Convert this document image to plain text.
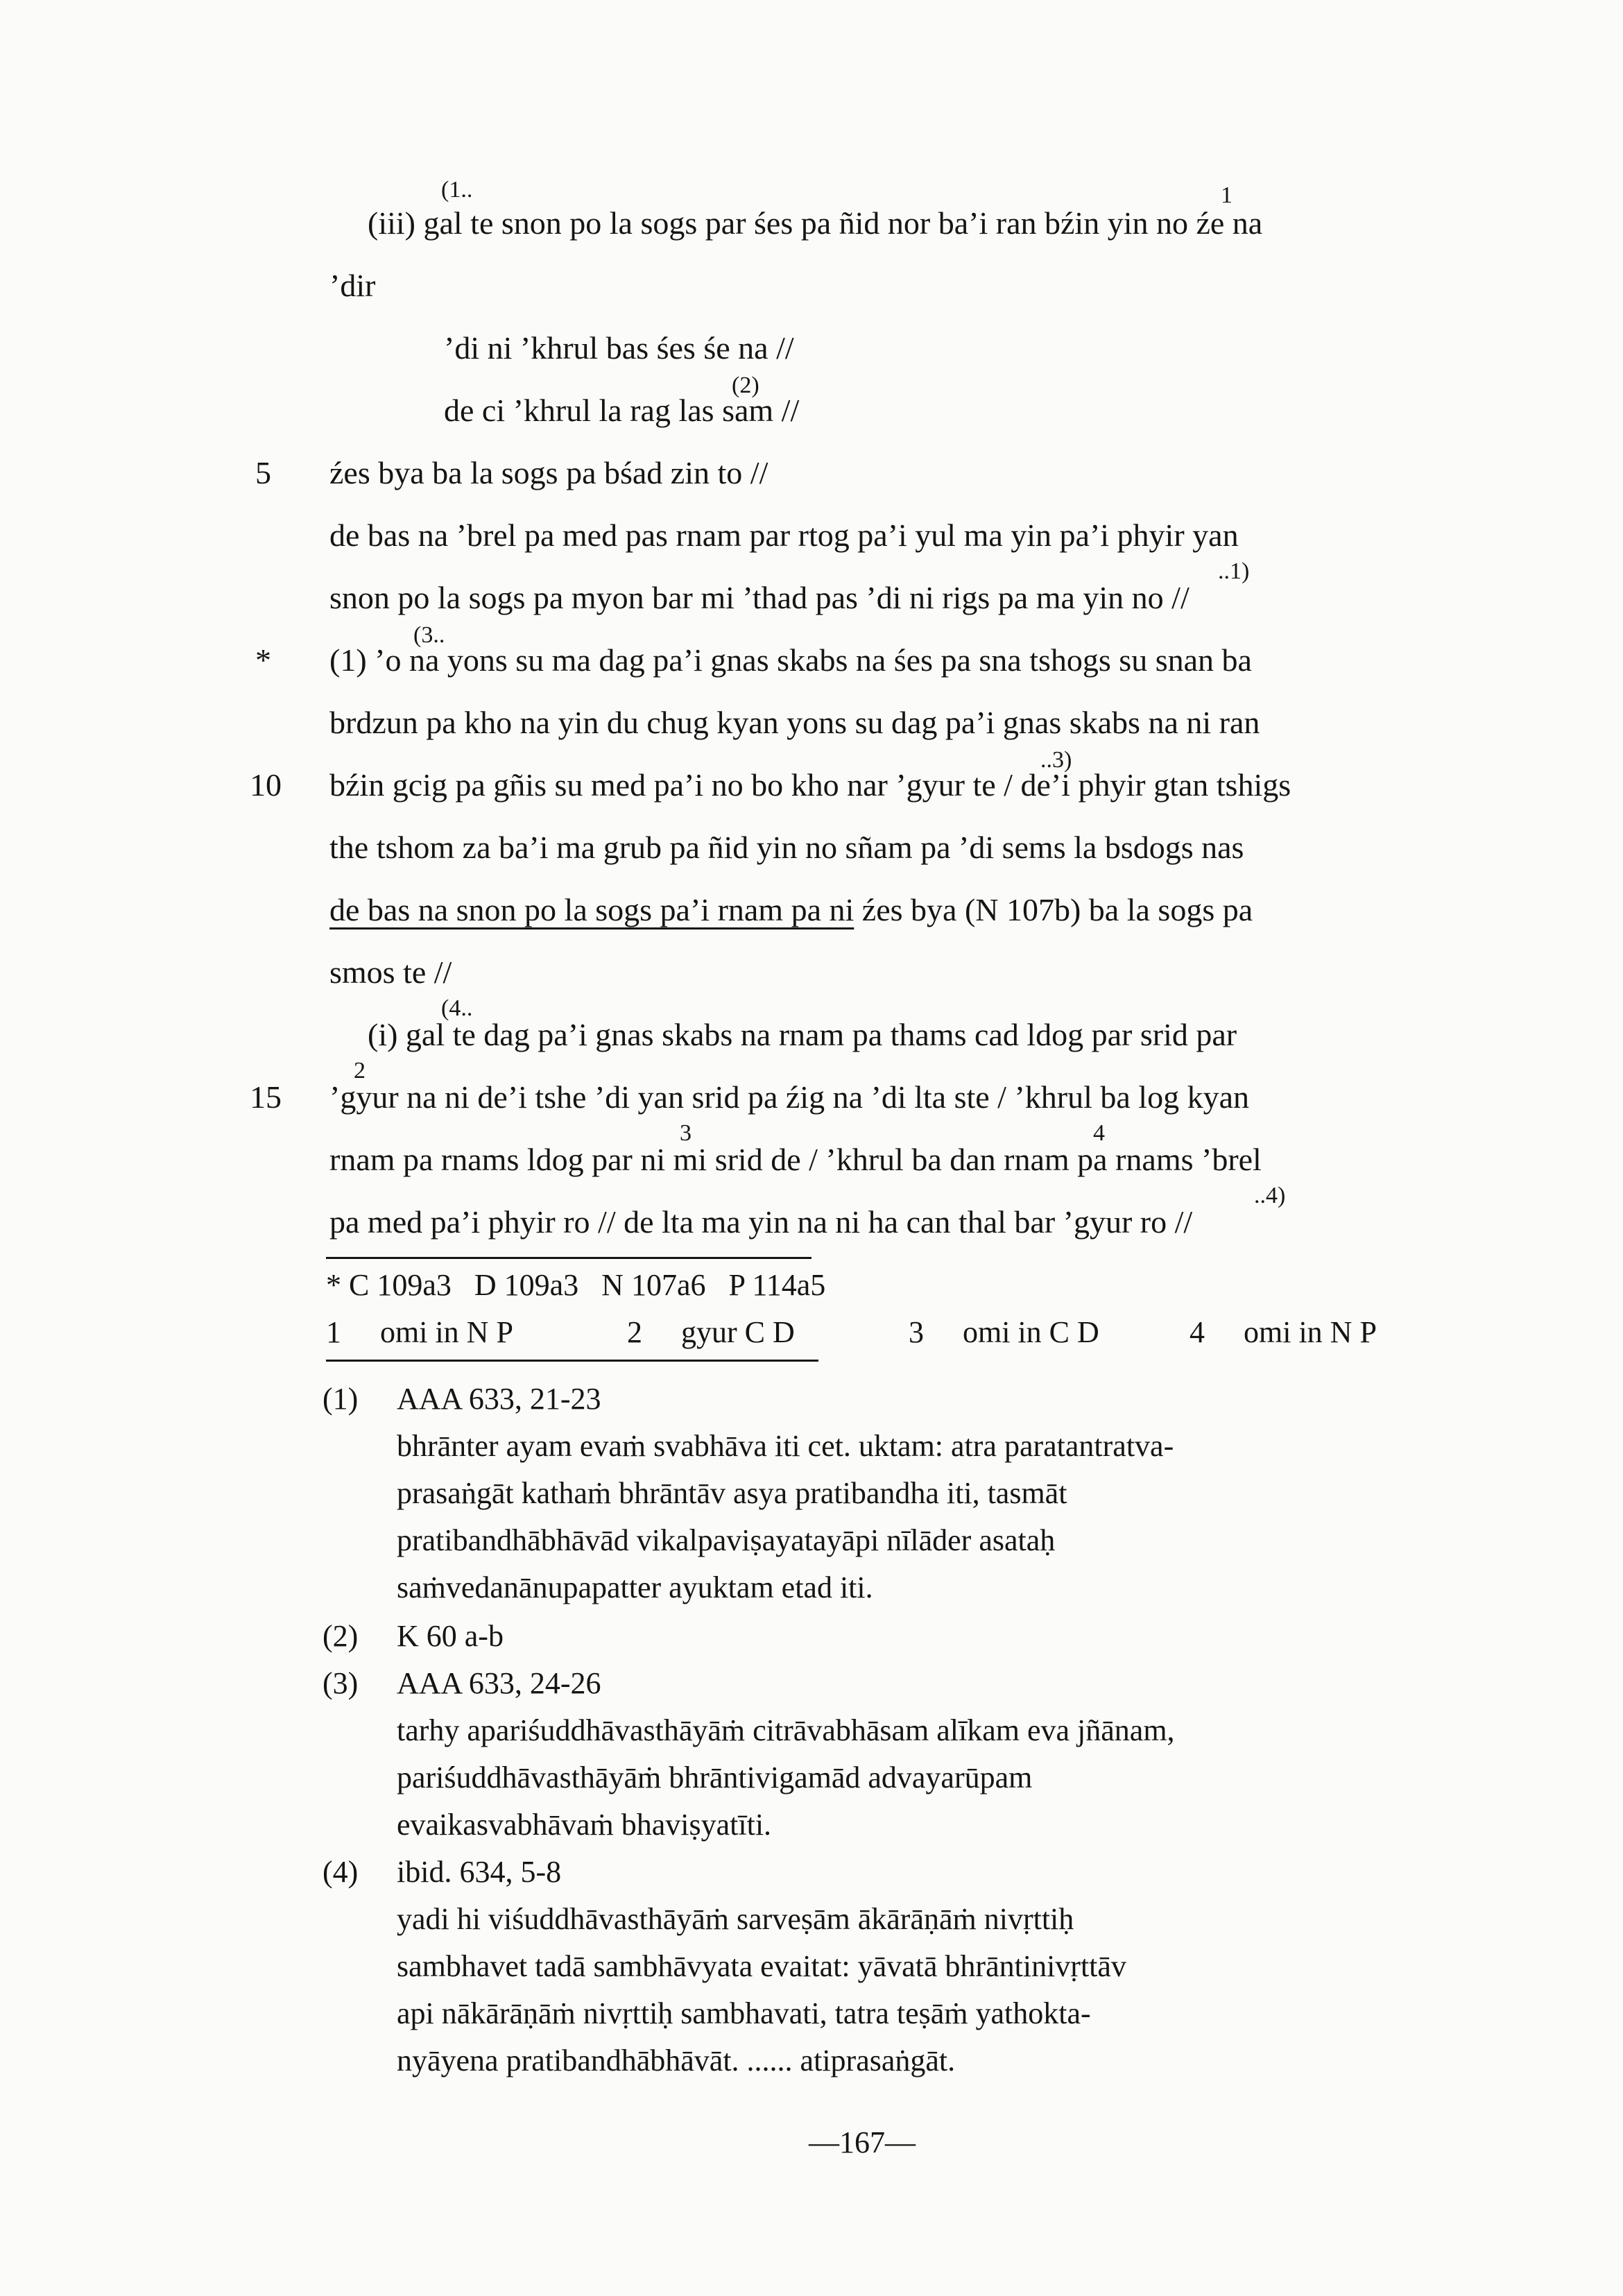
(1..	1
(iii) gal te snon po la sogs par śes pa ñid nor ba’i ran bźin yin no źe na
’dir
’di ni ’khrul bas śes śe na //
(2)
de ci ’khrul la rag las sam //
5 źes bya ba la sogs pa bśad zin to //
de bas na ’brel pa med pas rnam par rtog pa’i yul ma yin pa’i phyir yan
..1)
snon po la sogs pa myon bar mi ’thad pas ’di ni rigs pa ma yin no //
(3..
* (1) ’o na yons su ma dag pa’i gnas skabs na śes pa sna tshogs su snan ba
brdzun pa kho na yin du chug kyan yons su dag pa’i gnas skabs na ni ran
..3)
10 bźin gcig pa gñis su med pa’i no bo kho nar ’gyur te / de’i phyir gtan tshigs
the tshom za ba’i ma grub pa ñid yin no sñam pa ’di sems la bsdogs nas
de bas na snon po la sogs pa’i rnam pa ni źes bya (N 107b) ba la sogs pa
smos te //
(4..
(i) gal te dag pa’i gnas skabs na rnam pa thams cad ldog par srid par
2
15 ’gyur na ni de’i tshe ’di yan srid pa źig na ’di lta ste / ’khrul ba log kyan
3	4
rnam pa rnams ldog par ni mi srid de / ’khrul ba dan rnam pa rnams ’brel
..4)
pa med pa’i phyir ro // de lta ma yin na ni ha can thal bar ’gyur ro //
* C 109a3   D 109a3   N 107a6   P 114a5
1 omi in N P	2 gyur C D	3 omi in C D	4 omi in N P
(1) AAA 633, 21-23
bhrānter ayam evaṁ svabhāva iti cet. uktam: atra paratantratva-
prasaṅgāt kathaṁ bhrāntāv asya pratibandha iti, tasmāt
pratibandhābhāvād vikalpaviṣayatayāpi nīlāder asataḥ
saṁvedanānupapatter ayuktam etad iti.
(2) K 60 a-b
(3) AAA 633, 24-26
tarhy apariśuddhāvasthāyāṁ citrāvabhāsam alīkam eva jñānam,
pariśuddhāvasthāyāṁ bhrāntivigamād advayarūpam
evaikasvabhāvaṁ bhaviṣyatīti.
(4) ibid. 634, 5-8
yadi hi viśuddhāvasthāyāṁ sarveṣām ākārāṇāṁ nivṛttiḥ
sambhavet tadā sambhāvyata evaitat: yāvatā bhrāntinivṛttāv
api nākārāṇāṁ nivṛttiḥ sambhavati, tatra teṣāṁ yathokta-
nyāyena pratibandhābhāvāt. ...... atiprasaṅgāt.
—167—
